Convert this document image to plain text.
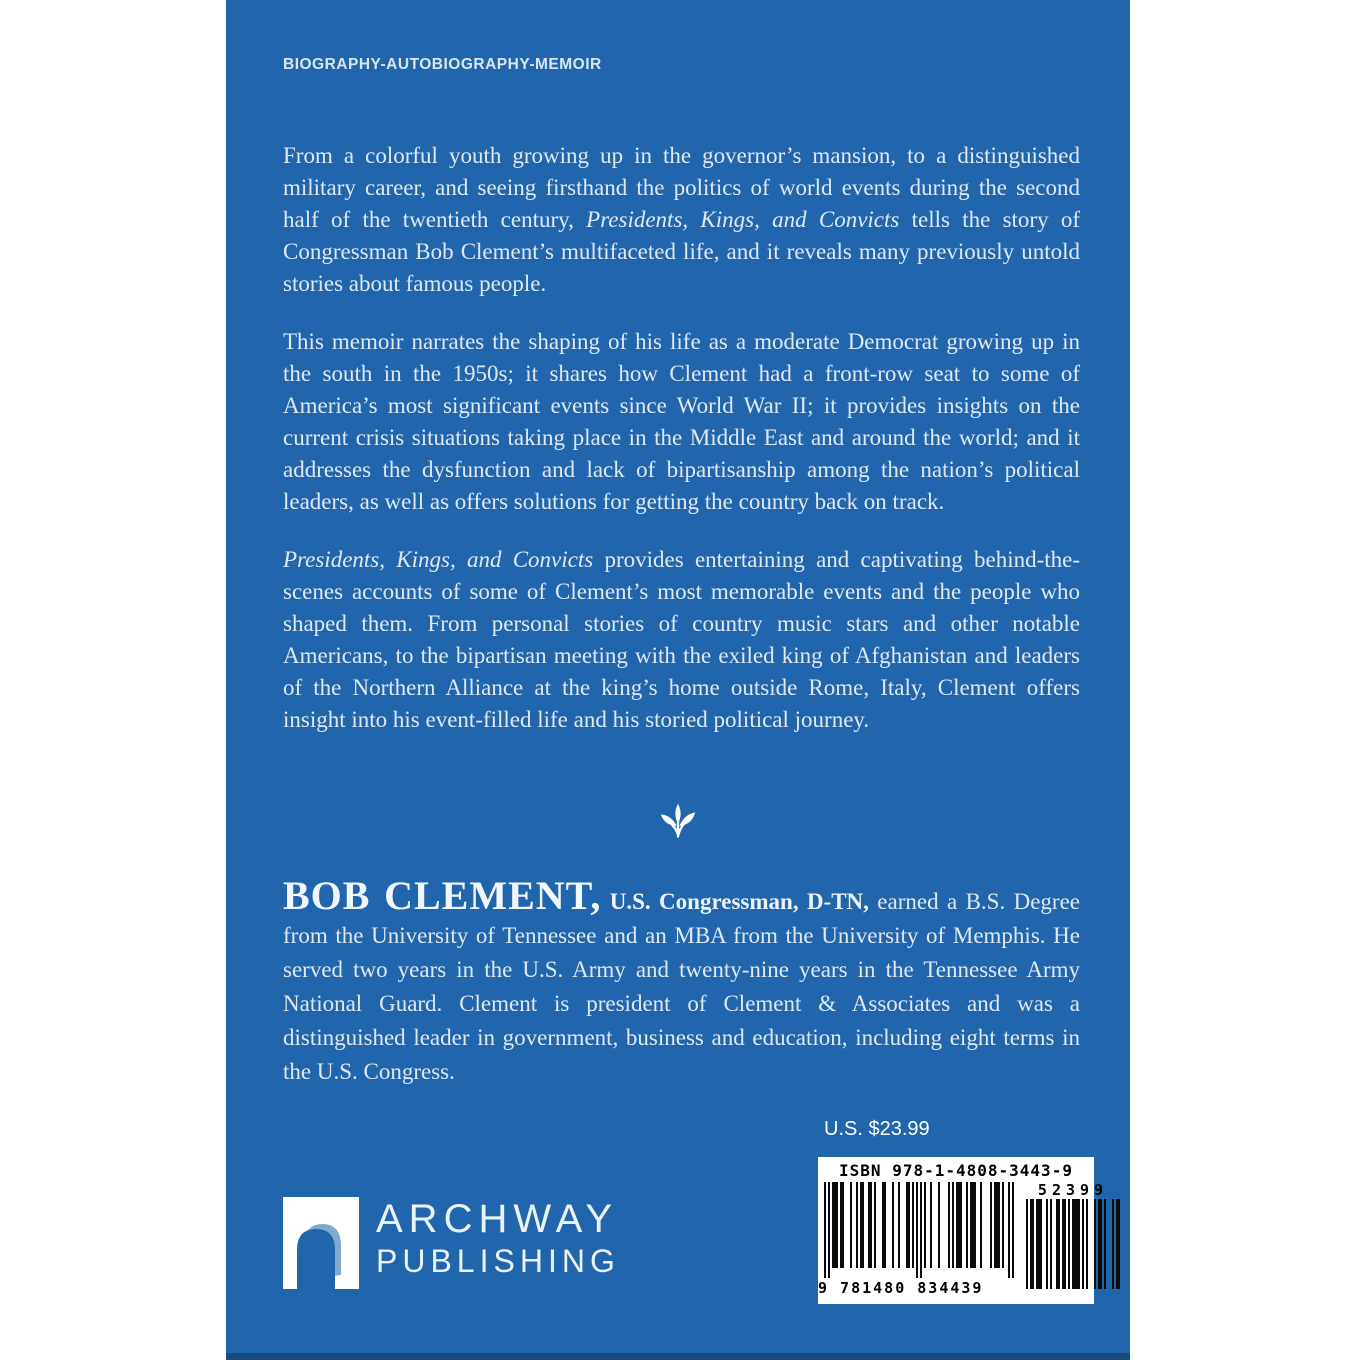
BIOGRAPHY-AUTOBIOGRAPHY-MEMOIR

From a colorful youth growing up in the governor’s mansion, to a distinguished military career, and seeing firsthand the politics of world events during the second half of the twentieth century, Presidents, Kings, and Convicts tells the story of Congressman Bob Clement’s multifaceted life, and it reveals many previously untold stories about famous people.

This memoir narrates the shaping of his life as a moderate Democrat growing up in the south in the 1950s; it shares how Clement had a front-row seat to some of America’s most significant events since World War II; it provides insights on the current crisis situations taking place in the Middle East and around the world; and it addresses the dysfunction and lack of bipartisanship among the nation’s political leaders, as well as offers solutions for getting the country back on track.

Presidents, Kings, and Convicts provides entertaining and captivating behind-the-scenes accounts of some of Clement’s most memorable events and the people who shaped them. From personal stories of country music stars and other notable Americans, to the bipartisan meeting with the exiled king of Afghanistan and leaders of the Northern Alliance at the king’s home outside Rome, Italy, Clement offers insight into his event-filled life and his storied political journey.

BOB CLEMENT, U.S. Congressman, D-TN, earned a B.S. Degree from the University of Tennessee and an MBA from the University of Memphis. He served two years in the U.S. Army and twenty-nine years in the Tennessee Army National Guard. Clement is president of Clement & Associates and was a distinguished leader in government, business and education, including eight terms in the U.S. Congress.
U.S. $23.99
ISBN 978-1-4808-3443-9
9 781480 834439
52399
ARCHWAY
PUBLISHING
